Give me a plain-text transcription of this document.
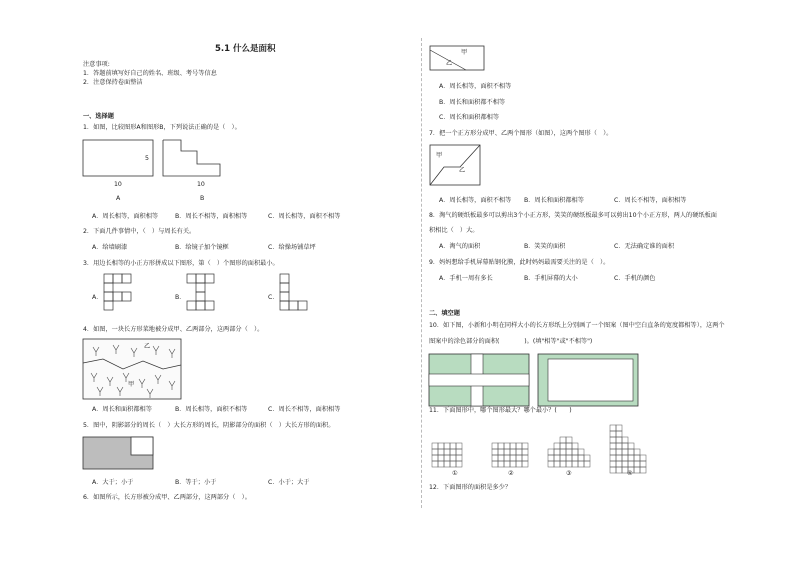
5.1 什么是面积
注意事项:
1．答题前填写好自己的姓名、班级、考号等信息
2．注意保持卷面整洁
一、选择题
1．如图，比较图形A和图形B，下列说法正确的是（　）。
5
10	10
A	B
A．周长相等，面积相等	B．周长不相等，面积相等	C．周长相等，面积不相等
2．下面几件事情中，（　）与周长有关。
A．给墙刷漆	B．给镜子加个镜框	C．给操场铺草坪
3．用边长相等的小正方形拼成以下图形，第（　）个图形的面积最小。
A．	B．	C．
4．如图，一块长方形菜地被分成甲、乙两部分，这两部分（　）。
乙
甲
A．周长和面积都相等	B．周长相等，面积不相等	C．周长不相等，面积相等
5．图中，阴影部分的周长（　）大长方形的周长，阴影部分的面积（　）大长方形的面积。
A．大于；小于	B．等于；小于	C．小于；大于
6．如图所示，长方形被分成甲、乙两部分，这两部分（　）。
甲
乙
A．周长相等，面积不相等
B．周长和面积都不相等
C．周长和面积都相等
7．把一个正方形分成甲、乙两个图形（如图），这两个图形（　）。
甲
乙
A．周长相等，面积不相等 B．周长和面积都相等	C．周长不相等，面积相等
8．淘气的硬纸板最多可以剪出3个小正方形，笑笑的硬纸板最多可以剪出10个小正方形，两人的硬纸板面
积相比（　）大。
A．淘气的面积	B．笑笑的面积	C．无法确定谁的面积
9．妈妈想给手机屏幕贴钢化膜，此时妈妈最需要关注的是（　）。
A．手机一周有多长	B．手机屏幕的大小	C．手机的颜色
二、填空题
10．如下图，小新和小明在同样大小的长方形纸上分别画了一个图案（图中空白直条的宽度都相等），这两个
图案中的涂色部分的面积(　　　　)。(填"相等"或"不相等")
11．下面图形中，哪个图形最大？哪个最小？(　　)
①	②	③	④
12．下面图形的面积是多少？
